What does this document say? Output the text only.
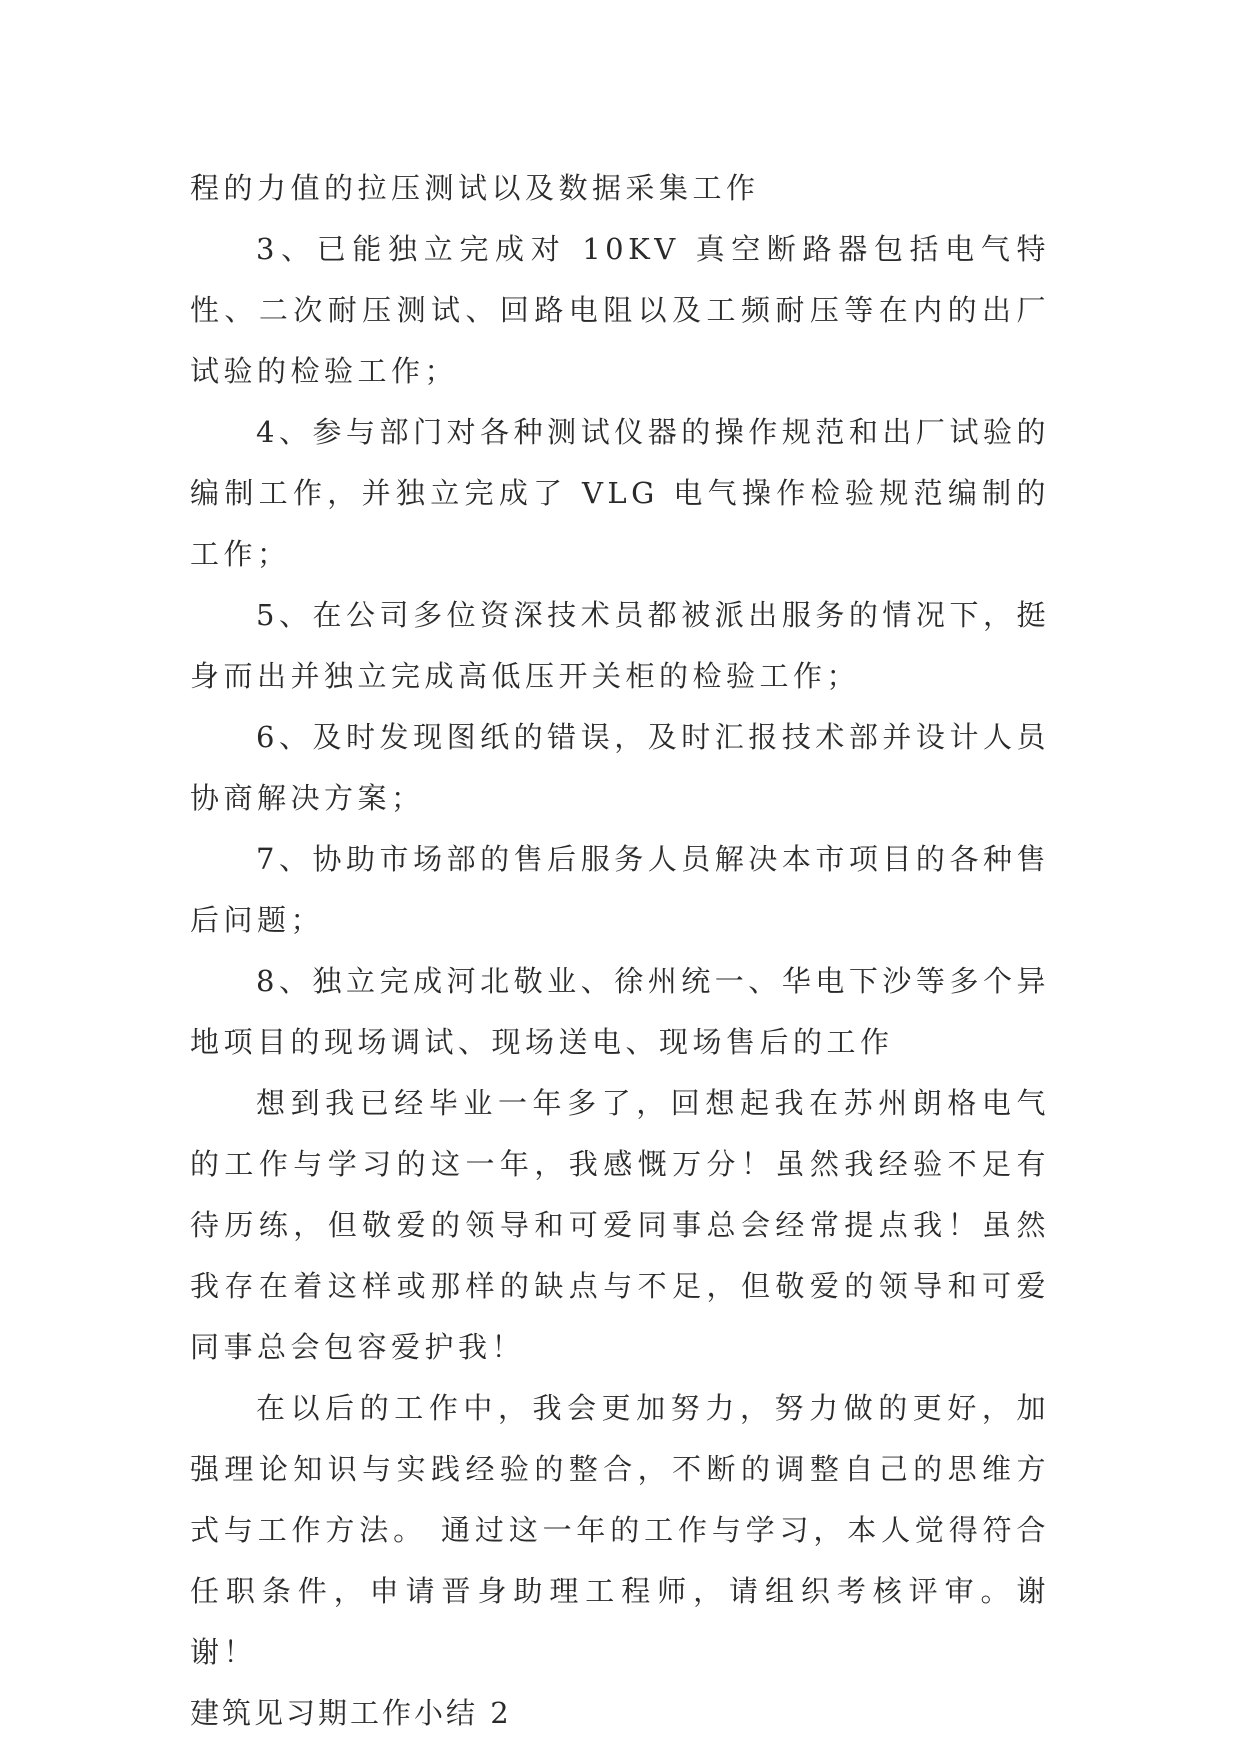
程的力值的拉压测试以及数据采集工作

3、已能独立完成对 10KV 真空断路器包括电气特性、二次耐压测试、回路电阻以及工频耐压等在内的出厂试验的检验工作；

4、参与部门对各种测试仪器的操作规范和出厂试验的编制工作，并独立完成了 VLG 电气操作检验规范编制的工作；

5、在公司多位资深技术员都被派出服务的情况下，挺身而出并独立完成高低压开关柜的检验工作；

6、及时发现图纸的错误，及时汇报技术部并设计人员协商解决方案；

7、协助市场部的售后服务人员解决本市项目的各种售后问题；

8、独立完成河北敬业、徐州统一、华电下沙等多个异地项目的现场调试、现场送电、现场售后的工作

想到我已经毕业一年多了，回想起我在苏州朗格电气的工作与学习的这一年，我感慨万分！虽然我经验不足有待历练，但敬爱的领导和可爱同事总会经常提点我！虽然我存在着这样或那样的缺点与不足，但敬爱的领导和可爱同事总会包容爱护我！

在以后的工作中，我会更加努力，努力做的更好，加强理论知识与实践经验的整合，不断的调整自己的思维方式与工作方法。 通过这一年的工作与学习，本人觉得符合任职条件，申请晋身助理工程师，请组织考核评审。谢谢！

建筑见习期工作小结 2
